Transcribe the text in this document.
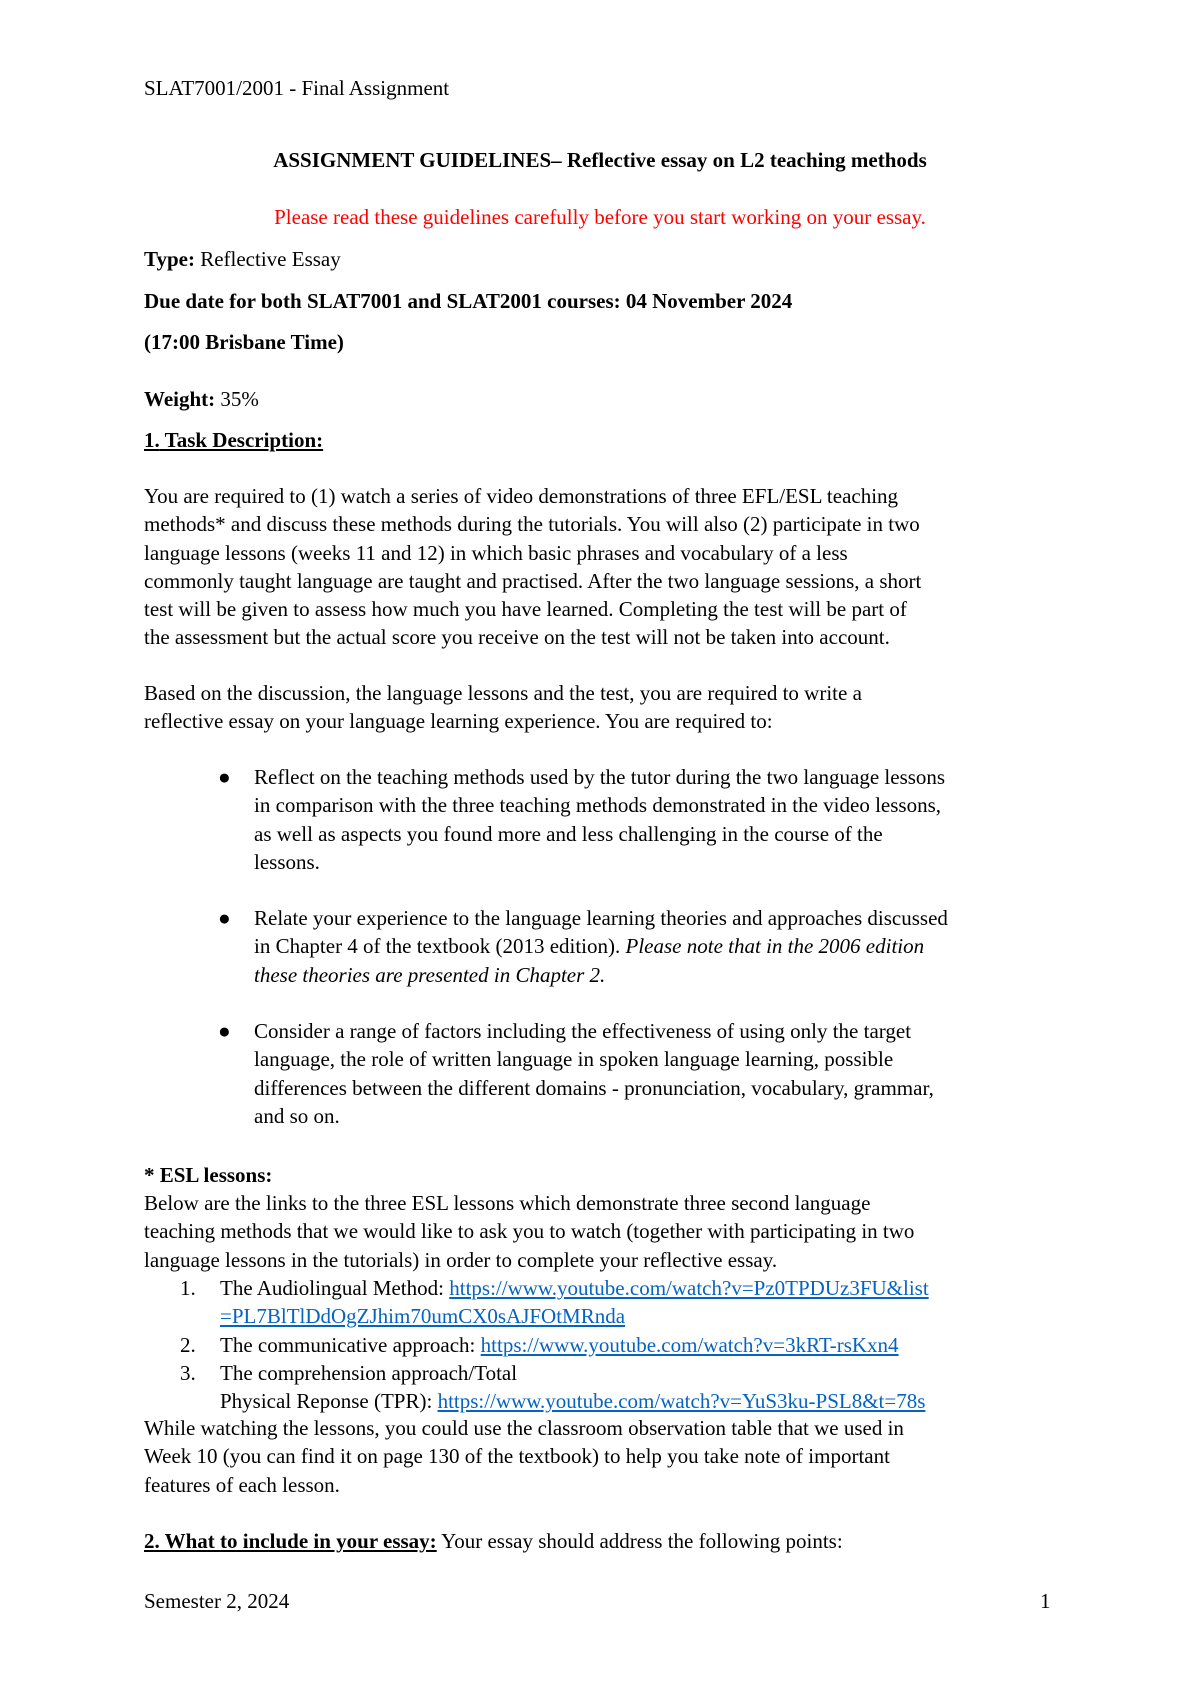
SLAT7001/2001 - Final Assignment
ASSIGNMENT GUIDELINES– Reflective essay on L2 teaching methods
Please read these guidelines carefully before you start working on your essay.
Type: Reflective Essay
Due date for both SLAT7001 and SLAT2001 courses: 04 November 2024
(17:00 Brisbane Time)
Weight: 35%
1. Task Description:
You are required to (1) watch a series of video demonstrations of three EFL/ESL teaching
methods* and discuss these methods during the tutorials. You will also (2) participate in two
language lessons (weeks 11 and 12) in which basic phrases and vocabulary of a less
commonly taught language are taught and practised. After the two language sessions, a short
test will be given to assess how much you have learned. Completing the test will be part of
the assessment but the actual score you receive on the test will not be taken into account.
Based on the discussion, the language lessons and the test, you are required to write a
reflective essay on your language learning experience. You are required to:
● Reflect on the teaching methods used by the tutor during the two language lessons
in comparison with the three teaching methods demonstrated in the video lessons,
as well as aspects you found more and less challenging in the course of the
lessons.
● Relate your experience to the language learning theories and approaches discussed
in Chapter 4 of the textbook (2013 edition). Please note that in the 2006 edition
these theories are presented in Chapter 2.
● Consider a range of factors including the effectiveness of using only the target
language, the role of written language in spoken language learning, possible
differences between the different domains - pronunciation, vocabulary, grammar,
and so on.
* ESL lessons:
Below are the links to the three ESL lessons which demonstrate three second language
teaching methods that we would like to ask you to watch (together with participating in two
language lessons in the tutorials) in order to complete your reflective essay.
1. The Audiolingual Method: https://www.youtube.com/watch?v=Pz0TPDUz3FU&list
=PL7BlTlDdOgZJhim70umCX0sAJFOtMRnda
2. The communicative approach: https://www.youtube.com/watch?v=3kRT-rsKxn4
3. The comprehension approach/Total
Physical Reponse (TPR): https://www.youtube.com/watch?v=YuS3ku-PSL8&t=78s
While watching the lessons, you could use the classroom observation table that we used in
Week 10 (you can find it on page 130 of the textbook) to help you take note of important
features of each lesson.
2. What to include in your essay: Your essay should address the following points:
Semester 2, 2024	1
